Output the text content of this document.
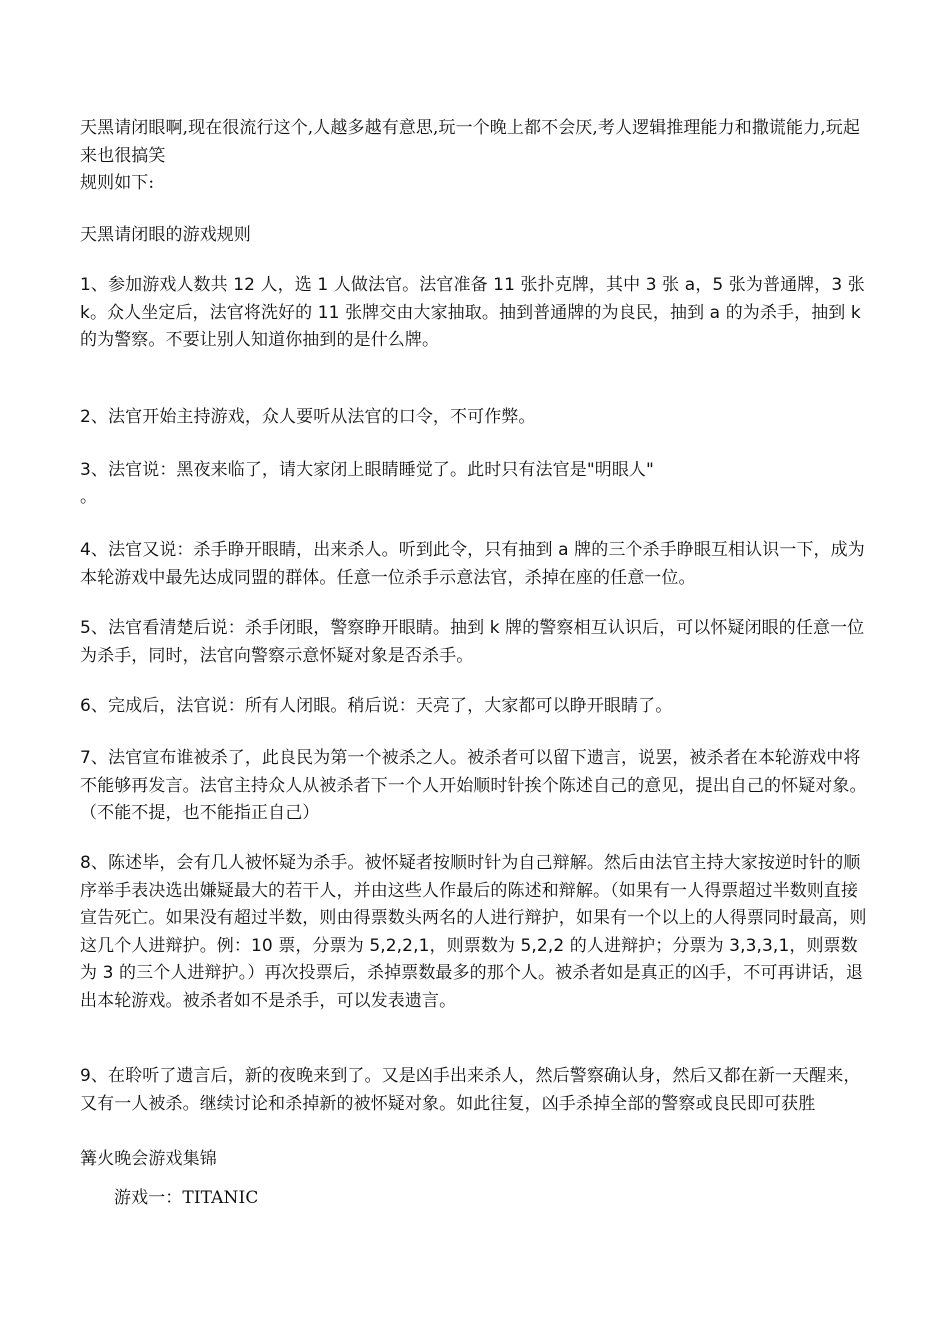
天黑请闭眼啊,现在很流行这个,人越多越有意思,玩一个晚上都不会厌,考人逻辑推理能力和撒谎能力,玩起来也很搞笑

规则如下:

天黑请闭眼的游戏规则

1、参加游戏人数共 12 人，选 1 人做法官。法官准备 11 张扑克牌，其中 3 张 a，5 张为普通牌，3 张 k。众人坐定后，法官将洗好的 11 张牌交由大家抽取。抽到普通牌的为良民，抽到 a 的为杀手，抽到 k 的为警察。不要让别人知道你抽到的是什么牌。

2、法官开始主持游戏，众人要听从法官的口令，不可作弊。

3、法官说：黑夜来临了，请大家闭上眼睛睡觉了。此时只有法官是"明眼人"

。

4、法官又说：杀手睁开眼睛，出来杀人。听到此令，只有抽到 a 牌的三个杀手睁眼互相认识一下，成为本轮游戏中最先达成同盟的群体。任意一位杀手示意法官，杀掉在座的任意一位。

5、法官看清楚后说：杀手闭眼，警察睁开眼睛。抽到 k 牌的警察相互认识后，可以怀疑闭眼的任意一位为杀手，同时，法官向警察示意怀疑对象是否杀手。

6、完成后，法官说：所有人闭眼。稍后说：天亮了，大家都可以睁开眼睛了。

7、法官宣布谁被杀了，此良民为第一个被杀之人。被杀者可以留下遗言，说罢，被杀者在本轮游戏中将不能够再发言。法官主持众人从被杀者下一个人开始顺时针挨个陈述自己的意见，提出自己的怀疑对象。（不能不提，也不能指正自己）

8、陈述毕，会有几人被怀疑为杀手。被怀疑者按顺时针为自己辩解。然后由法官主持大家按逆时针的顺序举手表决选出嫌疑最大的若干人，并由这些人作最后的陈述和辩解。（如果有一人得票超过半数则直接宣告死亡。如果没有超过半数，则由得票数头两名的人进行辩护，如果有一个以上的人得票同时最高，则这几个人进辩护。例：10 票，分票为 5,2,2,1，则票数为 5,2,2 的人进辩护；分票为 3,3,3,1，则票数为 3 的三个人进辩护。）再次投票后，杀掉票数最多的那个人。被杀者如是真正的凶手，不可再讲话，退出本轮游戏。被杀者如不是杀手，可以发表遗言。

9、在聆听了遗言后，新的夜晚来到了。又是凶手出来杀人，然后警察确认身，然后又都在新一天醒来，又有一人被杀。继续讨论和杀掉新的被怀疑对象。如此往复，凶手杀掉全部的警察或良民即可获胜

篝火晚会游戏集锦

游戏一：TITANIC
